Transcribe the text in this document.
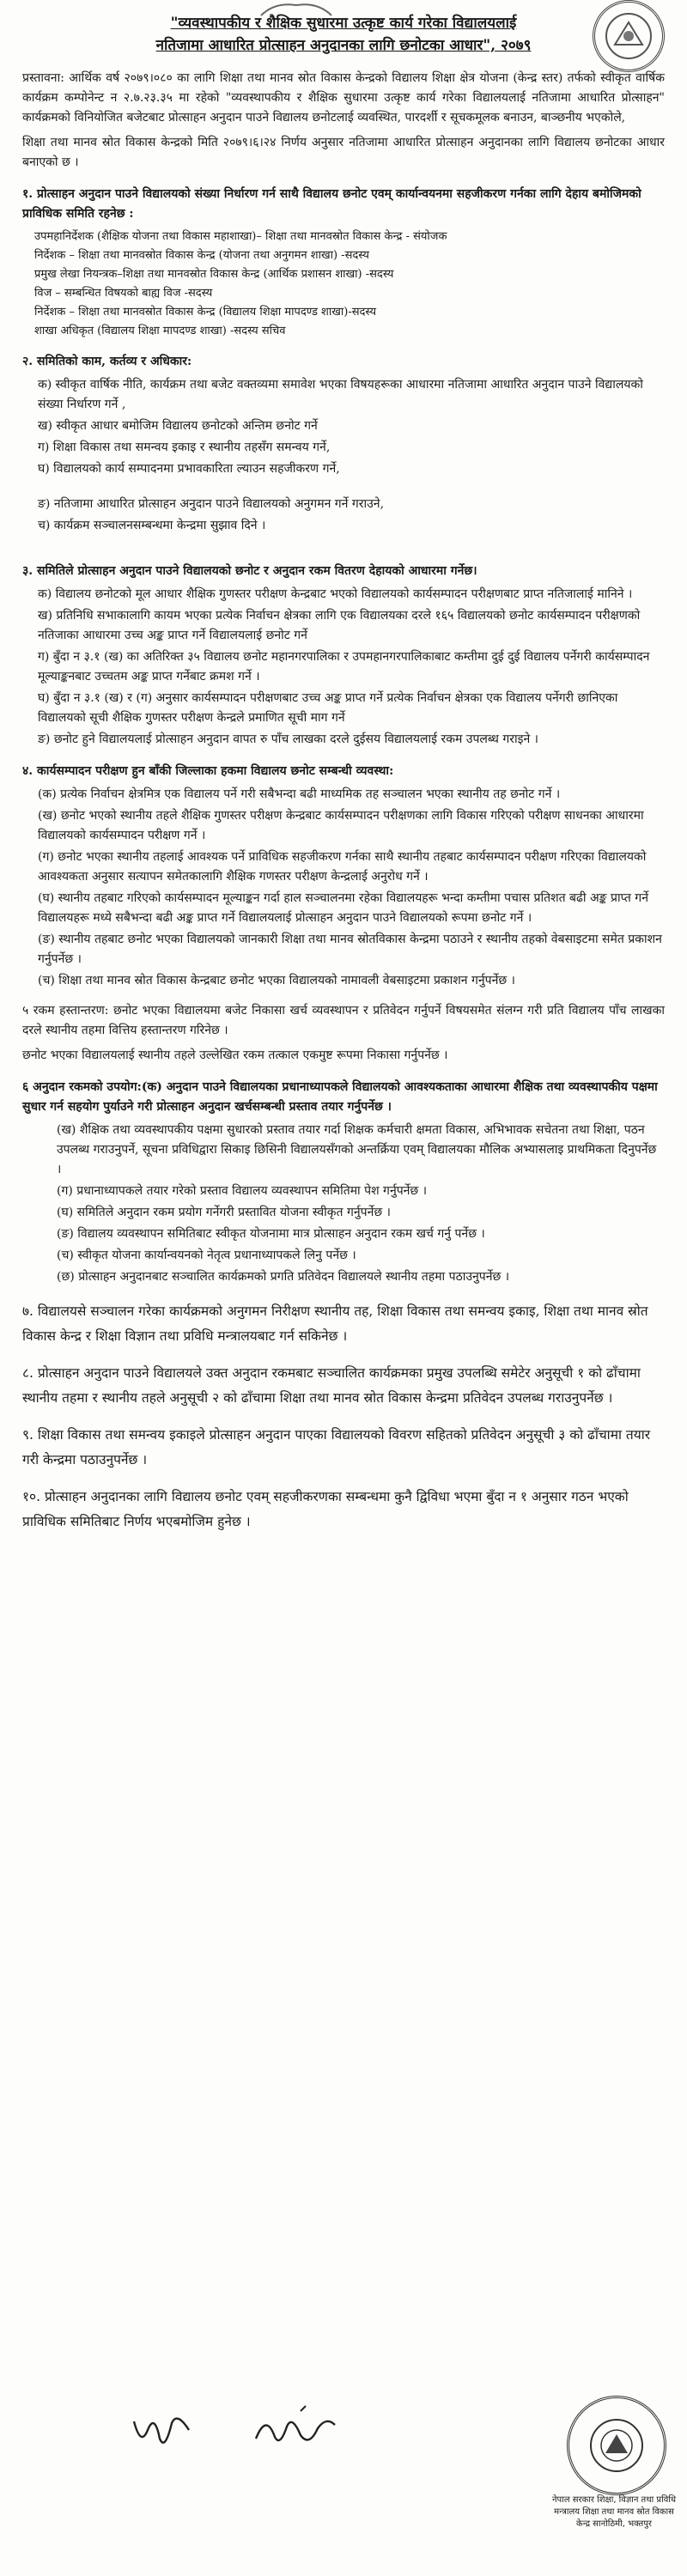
"व्यवस्थापकीय र शैक्षिक सुधारमा उत्कृष्ट कार्य गरेका विद्यालयलाई
नतिजामा आधारित प्रोत्साहन अनुदानका लागि छनोटका आधार", २०७९

प्रस्तावना: आर्थिक वर्ष २०७९।०८० का लागि शिक्षा तथा मानव स्रोत विकास केन्द्रको विद्यालय शिक्षा क्षेत्र योजना (केन्द्र स्तर) तर्फको स्वीकृत वार्षिक कार्यक्रम कम्पोनेन्ट न २.७.२३.३५ मा रहेको "व्यवस्थापकीय र शैक्षिक सुधारमा उत्कृष्ट कार्य गरेका विद्यालयलाई नतिजामा आधारित प्रोत्साहन" कार्यक्रमको विनियोजित बजेटबाट प्रोत्साहन अनुदान पाउने विद्यालय छनोटलाई व्यवस्थित, पारदर्शी र सूचकमूलक बनाउन, बाञ्छनीय भएकोले,

शिक्षा तथा मानव स्रोत विकास केन्द्रको मिति २०७९।६।२४ निर्णय अनुसार नतिजामा आधारित प्रोत्साहन अनुदानका लागि विद्यालय छनोटका आधार बनाएको छ ।

१. प्रोत्साहन अनुदान पाउने विद्यालयको संख्या निर्धारण गर्न साथै विद्यालय छनोट एवम् कार्यान्वयनमा सहजीकरण गर्नका लागि देहाय बमोजिमको प्राविधिक समिति रहनेछ :

उपमहानिर्देशक (शैक्षिक योजना तथा विकास महाशाखा)– शिक्षा तथा मानवस्रोत विकास केन्द्र - संयोजक
निर्देशक – शिक्षा तथा मानवस्रोत विकास केन्द्र (योजना तथा अनुगमन शाखा) -सदस्य
प्रमुख लेखा नियन्त्रक–शिक्षा तथा मानवस्रोत विकास केन्द्र (आर्थिक प्रशासन शाखा) -सदस्य
विज – सम्बन्धित विषयको बाह्य विज -सदस्य
निर्देशक – शिक्षा तथा मानवस्रोत विकास केन्द्र (विद्यालय शिक्षा मापदण्ड शाखा)-सदस्य
शाखा अधिकृत (विद्यालय शिक्षा मापदण्ड शाखा) -सदस्य सचिव

२. समितिको काम, कर्तव्य र अधिकार:

क) स्वीकृत वार्षिक नीति, कार्यक्रम तथा बजेट वक्तव्यमा समावेश भएका विषयहरूका आधारमा नतिजामा आधारित अनुदान पाउने विद्यालयको संख्या निर्धारण गर्ने ,
ख) स्वीकृत आधार बमोजिम विद्यालय छनोटको अन्तिम छनोट गर्ने
ग) शिक्षा विकास तथा समन्वय इकाइ र स्थानीय तहसँग समन्वय गर्ने,
घ) विद्यालयको कार्य सम्पादनमा प्रभावकारिता ल्याउन सहजीकरण गर्ने,
ङ) नतिजामा आधारित प्रोत्साहन अनुदान पाउने विद्यालयको अनुगमन गर्ने गराउने,
च) कार्यक्रम सञ्चालनसम्बन्धमा केन्द्रमा सुझाव दिने ।

३. समितिले प्रोत्साहन अनुदान पाउने विद्यालयको छनोट र अनुदान रकम वितरण देहायको आधारमा गर्नेछ।

क) विद्यालय छनोटको मूल आधार शैक्षिक गुणस्तर परीक्षण केन्द्रबाट भएको विद्यालयको कार्यसम्पादन परीक्षणबाट प्राप्त नतिजालाई मानिने ।
ख) प्रतिनिधि सभाकालागि कायम भएका प्रत्येक निर्वाचन क्षेत्रका लागि एक विद्यालयका दरले १६५ विद्यालयको छनोट कार्यसम्पादन परीक्षणको नतिजाका आधारमा उच्च अङ्क प्राप्त गर्ने विद्यालयलाई छनोट गर्ने
ग) बुँदा न ३.१ (ख) का अतिरिक्त ३५ विद्यालय छनोट महानगरपालिका र उपमहानगरपालिकाबाट कम्तीमा दुई दुई विद्यालय पर्नेगरी कार्यसम्पादन मूल्याङ्कनबाट उच्चतम अङ्क प्राप्त गर्नेबाट क्रमश गर्ने ।
घ) बुँदा न ३.१ (ख) र (ग) अनुसार कार्यसम्पादन परीक्षणबाट उच्च अङ्क प्राप्त गर्ने प्रत्येक निर्वाचन क्षेत्रका एक विद्यालय पर्नेगरी छानिएका विद्यालयको सूची शैक्षिक गुणस्तर परीक्षण केन्द्रले प्रमाणित सूची माग गर्ने
ङ) छनोट हुने विद्यालयलाई प्रोत्साहन अनुदान वापत रु पाँच लाखका दरले दुईसय विद्यालयलाई रकम उपलब्ध गराइने ।

४. कार्यसम्पादन परीक्षण हुन बाँकी जिल्लाका हकमा विद्यालय छनोट सम्बन्धी व्यवस्था:

(क) प्रत्येक निर्वाचन क्षेत्रमित्र एक विद्यालय पर्ने गरी सबैभन्दा बढी माध्यमिक तह सञ्चालन भएका स्थानीय तह छनोट गर्ने ।
(ख) छनोट भएको स्थानीय तहले शैक्षिक गुणस्तर परीक्षण केन्द्रबाट कार्यसम्पादन परीक्षणका लागि विकास गरिएको परीक्षण साधनका आधारमा विद्यालयको कार्यसम्पादन परीक्षण गर्ने ।
(ग) छनोट भएका स्थानीय तहलाई आवश्यक पर्ने प्राविधिक सहजीकरण गर्नका साथै स्थानीय तहबाट कार्यसम्पादन परीक्षण गरिएका विद्यालयको आवश्यकता अनुसार सत्यापन समेतकालागि शैक्षिक गणस्तर परीक्षण केन्द्रलाई अनुरोध गर्ने ।
(घ) स्थानीय तहबाट गरिएको कार्यसम्पादन मूल्याङ्कन गर्दा हाल सञ्चालनमा रहेका विद्यालयहरू भन्दा कम्तीमा पचास प्रतिशत बढी अङ्क प्राप्त गर्ने विद्यालयहरू मध्ये सबैभन्दा बढी अङ्क प्राप्त गर्ने विद्यालयलाई प्रोत्साहन अनुदान पाउने विद्यालयको रूपमा छनोट गर्ने ।
(ङ) स्थानीय तहबाट छनोट भएका विद्यालयको जानकारी शिक्षा तथा मानव स्रोतविकास केन्द्रमा पठाउने र स्थानीय तहको वेबसाइटमा समेत प्रकाशन गर्नुपर्नेछ ।
(च) शिक्षा तथा मानव स्रोत विकास केन्द्रबाट छनोट भएका विद्यालयको नामावली वेबसाइटमा प्रकाशन गर्नुपर्नेछ ।

५ रकम हस्तान्तरण: छनोट भएका विद्यालयमा बजेट निकासा खर्च व्यवस्थापन र प्रतिवेदन गर्नुपर्ने विषयसमेत संलग्न गरी प्रति विद्यालय पाँच लाखका दरले स्थानीय तहमा वित्तिय हस्तान्तरण गरिनेछ ।

छनोट भएका विद्यालयलाई स्थानीय तहले उल्लेखित रकम तत्काल एकमुष्ट रूपमा निकासा गर्नुपर्नेछ ।

६ अनुदान रकमको उपयोग:(क) अनुदान पाउने विद्यालयका प्रधानाध्यापकले विद्यालयको आवश्यकताका आधारमा शैक्षिक तथा व्यवस्थापकीय पक्षमा सुधार गर्न सहयोग पुर्याउने गरी प्रोत्साहन अनुदान खर्चसम्बन्धी प्रस्ताव तयार गर्नुपर्नेछ ।

(ख) शैक्षिक तथा व्यवस्थापकीय पक्षमा सुधारको प्रस्ताव तयार गर्दा शिक्षक कर्मचारी क्षमता विकास, अभिभावक सचेतना तथा शिक्षा, पठन उपलब्ध गराउनुपर्ने, सूचना प्रविधिद्वारा सिकाइ छिसिनी विद्यालयसँगको अन्तर्क्रिया एवम् विद्यालयका मौलिक अभ्यासलाइ प्राथमिकता दिनुपर्नेछ ।
(ग) प्रधानाध्यापकले तयार गरेको प्रस्ताव विद्यालय व्यवस्थापन समितिमा पेश गर्नुपर्नेछ ।
(घ) समितिले अनुदान रकम प्रयोग गर्नेगरी प्रस्तावित योजना स्वीकृत गर्नुपर्नेछ ।
(ङ) विद्यालय व्यवस्थापन समितिबाट स्वीकृत योजनामा मात्र प्रोत्साहन अनुदान रकम खर्च गर्नु पर्नेछ ।
(च) स्वीकृत योजना कार्यान्वयनको नेतृत्व प्रधानाध्यापकले लिनु पर्नेछ ।
(छ) प्रोत्साहन अनुदानबाट सञ्चालित कार्यक्रमको प्रगति प्रतिवेदन विद्यालयले स्थानीय तहमा पठाउनुपर्नेछ ।

७. विद्यालयसे सञ्चालन गरेका कार्यक्रमको अनुगमन निरीक्षण स्थानीय तह, शिक्षा विकास तथा समन्वय इकाइ, शिक्षा तथा मानव स्रोत विकास केन्द्र र शिक्षा विज्ञान तथा प्रविधि मन्त्रालयबाट गर्न सकिनेछ ।

८. प्रोत्साहन अनुदान पाउने विद्यालयले उक्त अनुदान रकमबाट सञ्चालित कार्यक्रमका प्रमुख उपलब्धि समेटेर अनुसूची १ को ढाँचामा स्थानीय तहमा र स्थानीय तहले अनुसूची २ को ढाँचामा शिक्षा तथा मानव स्रोत विकास केन्द्रमा प्रतिवेदन उपलब्ध गराउनुपर्नेछ ।

९. शिक्षा विकास तथा समन्वय इकाइले प्रोत्साहन अनुदान पाएका विद्यालयको विवरण सहितको प्रतिवेदन अनुसूची ३ को ढाँचामा तयार गरी केन्द्रमा पठाउनुपर्नेछ ।

१०. प्रोत्साहन अनुदानका लागि विद्यालय छनोट एवम् सहजीकरणका सम्बन्धमा कुनै द्विविधा भएमा बुँदा न १ अनुसार गठन भएको प्राविधिक समितिबाट निर्णय भएबमोजिम हुनेछ ।

नेपाल सरकार शिक्षा, विज्ञान तथा प्रविधि मन्त्रालय शिक्षा तथा मानव स्रोत विकास केन्द्र सानोठिमी, भक्तपुर
